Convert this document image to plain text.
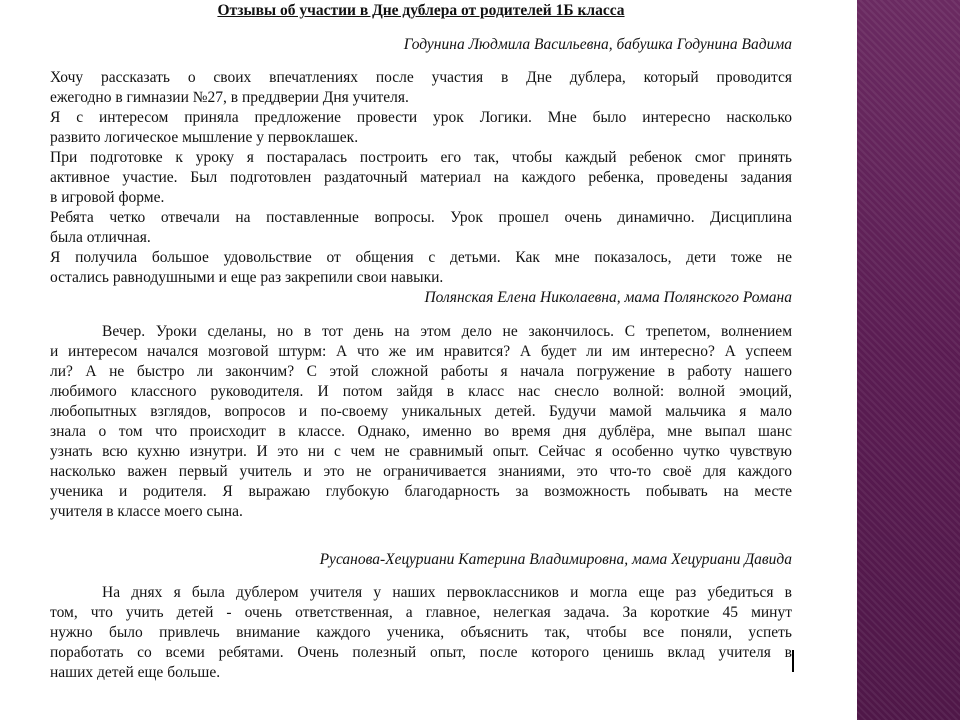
Отзывы об участии в Дне дублера от родителей 1Б класса
Годунина Людмила Васильевна, бабушка Годунина Вадима
Хочу рассказать о своих впечатлениях после участия в Дне дублера, который проводится
ежегодно в гимназии №27, в преддверии Дня учителя.
Я с интересом приняла предложение провести урок Логики. Мне было интересно насколько
развито логическое мышление у первоклашек.
При подготовке к уроку я постаралась построить его так, чтобы каждый ребенок смог принять
активное участие. Был подготовлен раздаточный материал на каждого ребенка, проведены задания
в игровой форме.
Ребята четко отвечали на поставленные вопросы. Урок прошел очень динамично. Дисциплина
была отличная.
Я получила большое удовольствие от общения с детьми. Как мне показалось, дети тоже не
остались равнодушными и еще раз закрепили свои навыки.
Полянская Елена Николаевна, мама Полянского Романа
Вечер. Уроки сделаны, но в тот день на этом дело не закончилось. С трепетом, волнением
и интересом начался мозговой штурм: А что же им нравится? А будет ли им интересно? А успеем
ли? А не быстро ли закончим? С этой сложной работы я начала погружение в работу нашего
любимого классного руководителя. И потом зайдя в класс нас снесло волной: волной эмоций,
любопытных взглядов, вопросов и по-своему уникальных детей. Будучи мамой мальчика я мало
знала о том что происходит в классе. Однако, именно во время дня дублёра, мне выпал шанс
узнать всю кухню изнутри. И это ни с чем не сравнимый опыт. Сейчас я особенно чутко чувствую
насколько важен первый учитель и это не ограничивается знаниями, это что-то своё для каждого
ученика и родителя. Я выражаю глубокую благодарность за возможность побывать на месте
учителя в классе моего сына.
Русанова-Хецуриани Катерина Владимировна, мама Хецуриани Давида
На днях я была дублером учителя у наших первоклассников и могла еще раз убедиться в
том, что учить детей - очень ответственная, а главное, нелегкая задача. За короткие 45 минут
нужно было привлечь внимание каждого ученика, объяснить так, чтобы все поняли, успеть
поработать со всеми ребятами. Очень полезный опыт, после которого ценишь вклад учителя в
наших детей еще больше.
